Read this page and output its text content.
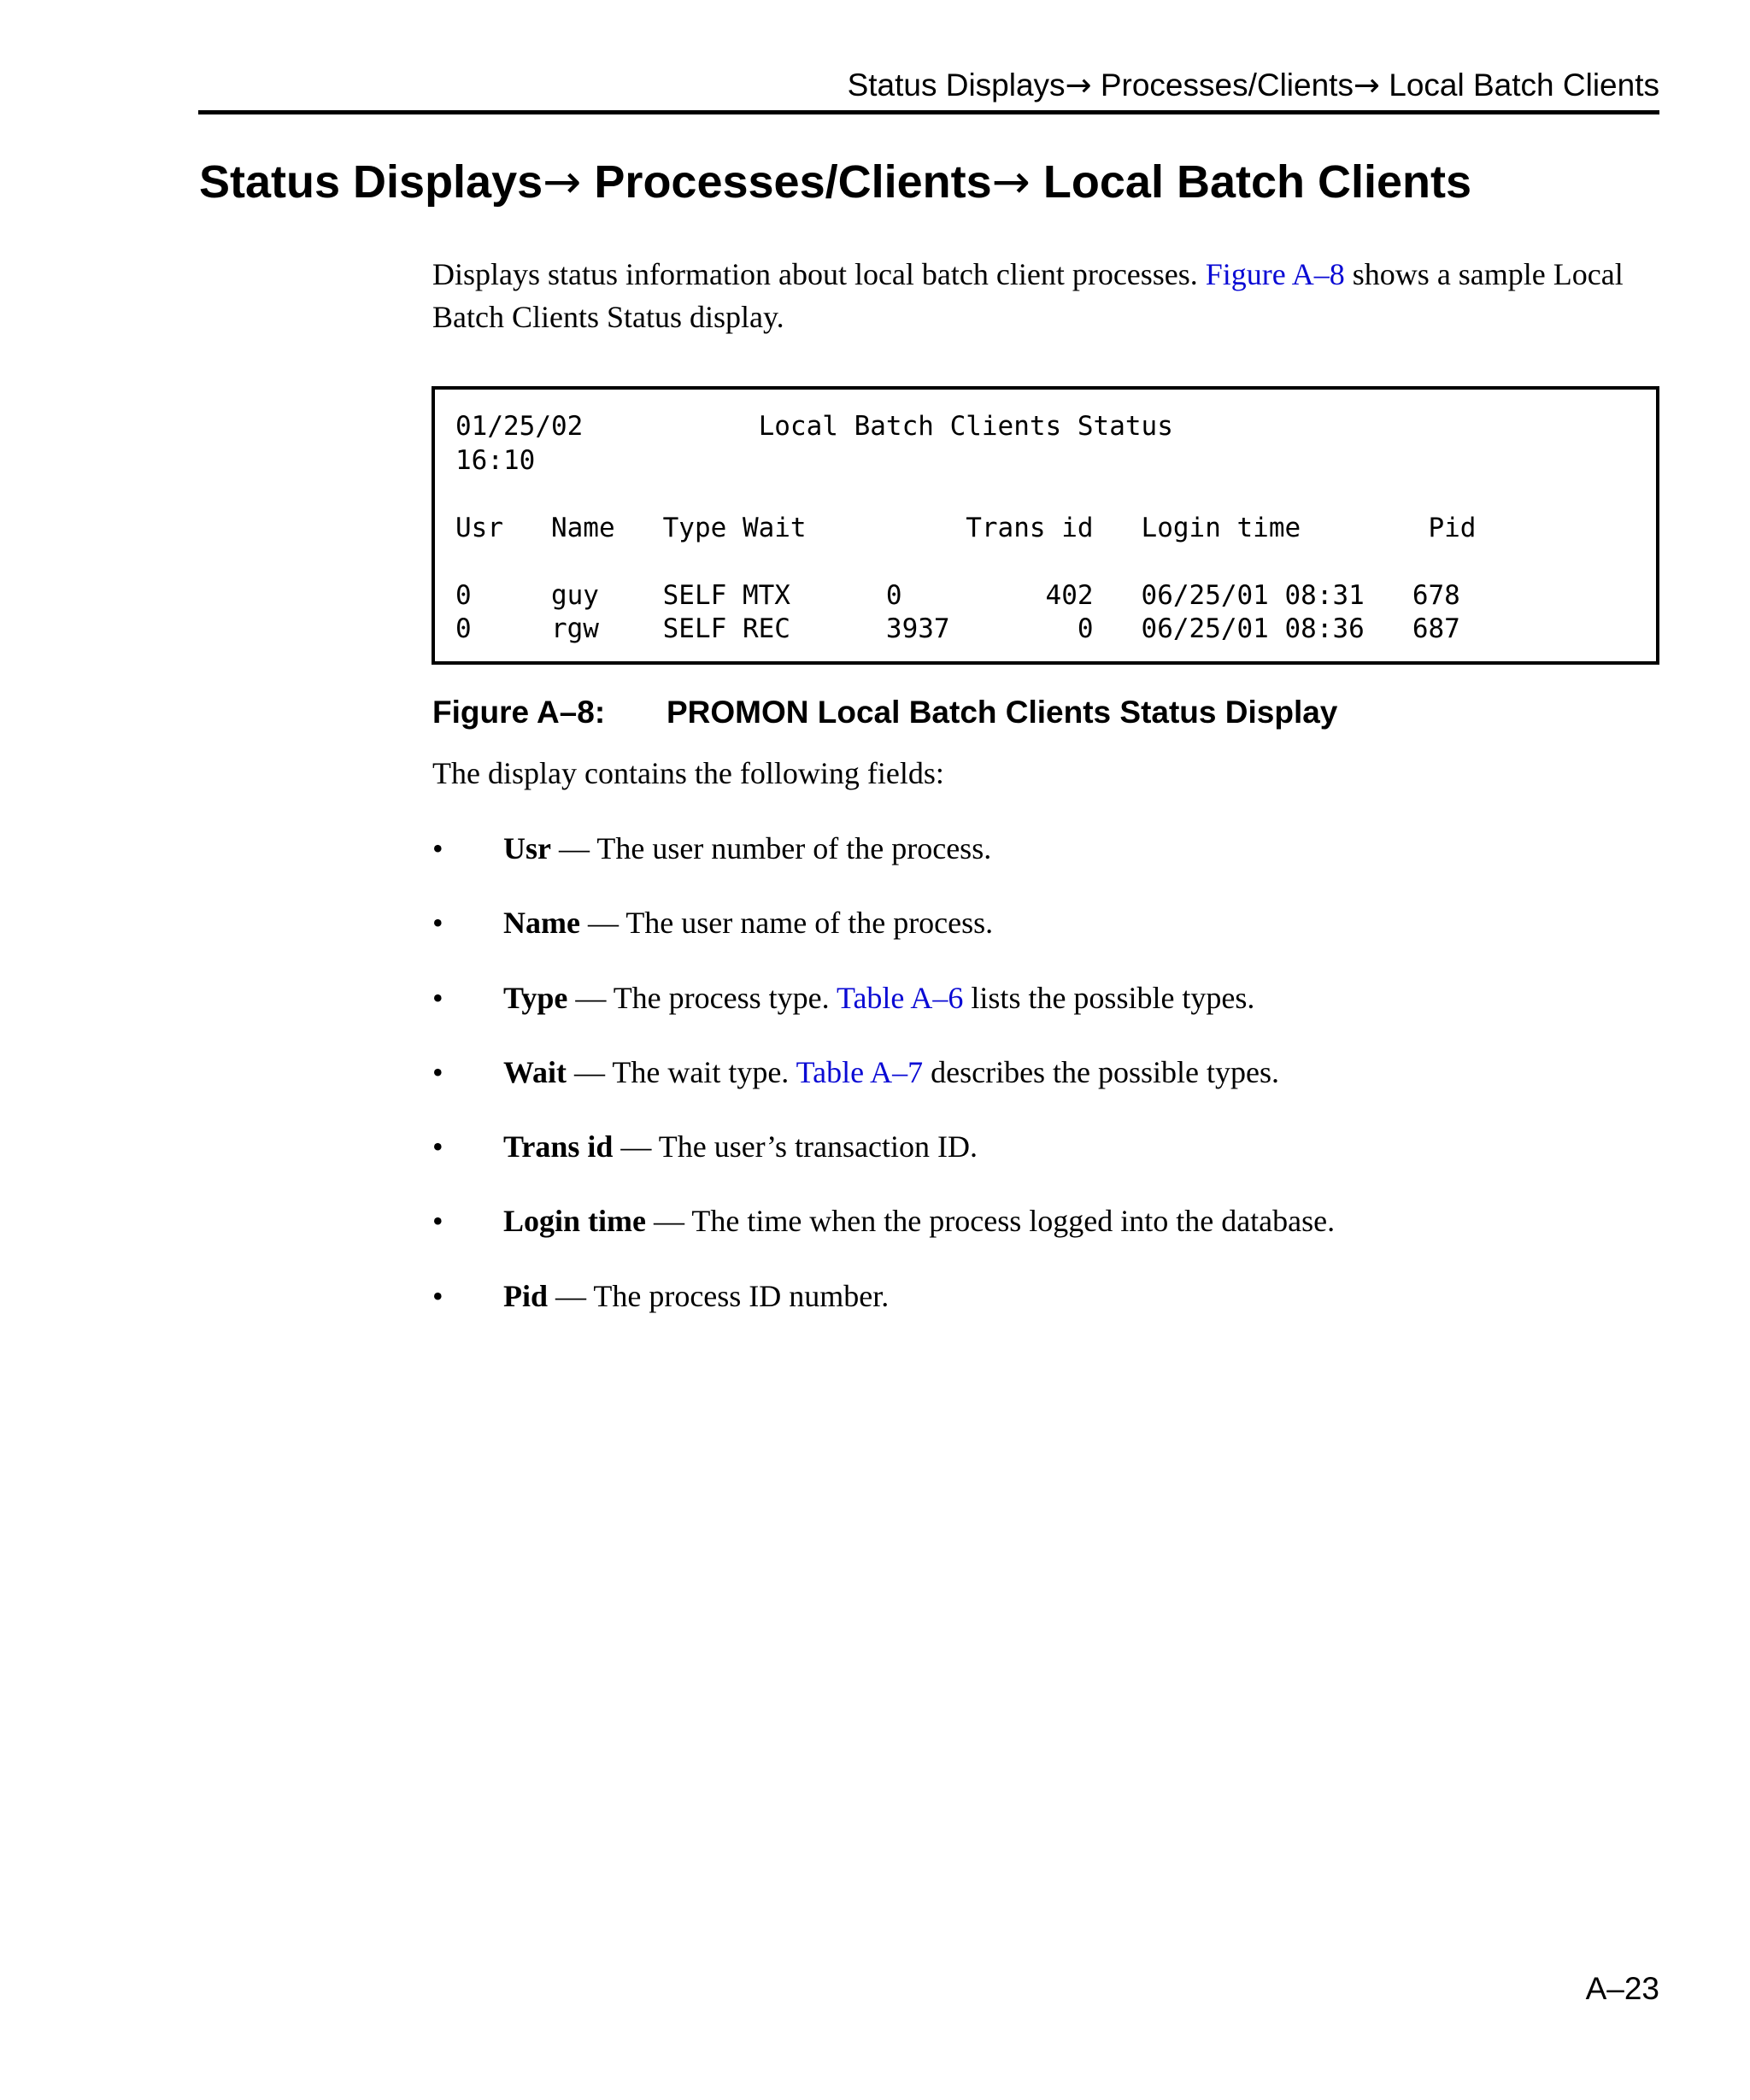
Status Displays→ Processes/Clients→ Local Batch Clients
Status Displays→ Processes/Clients→ Local Batch Clients

Displays status information about local batch client processes. Figure A–8 shows a sample Local Batch Clients Status display.

01/25/02           Local Batch Clients Status
16:10

Usr   Name   Type Wait          Trans id   Login time        Pid

0     guy    SELF MTX      0         402   06/25/01 08:31   678
0     rgw    SELF REC      3937        0   06/25/01 08:36   687
Figure A–8: PROMON Local Batch Clients Status Display

The display contains the following fields:

• Usr — The user number of the process.
• Name — The user name of the process.
• Type — The process type. Table A–6 lists the possible types.
• Wait — The wait type. Table A–7 describes the possible types.
• Trans id — The user’s transaction ID.
• Login time — The time when the process logged into the database.
• Pid — The process ID number.
A–23
